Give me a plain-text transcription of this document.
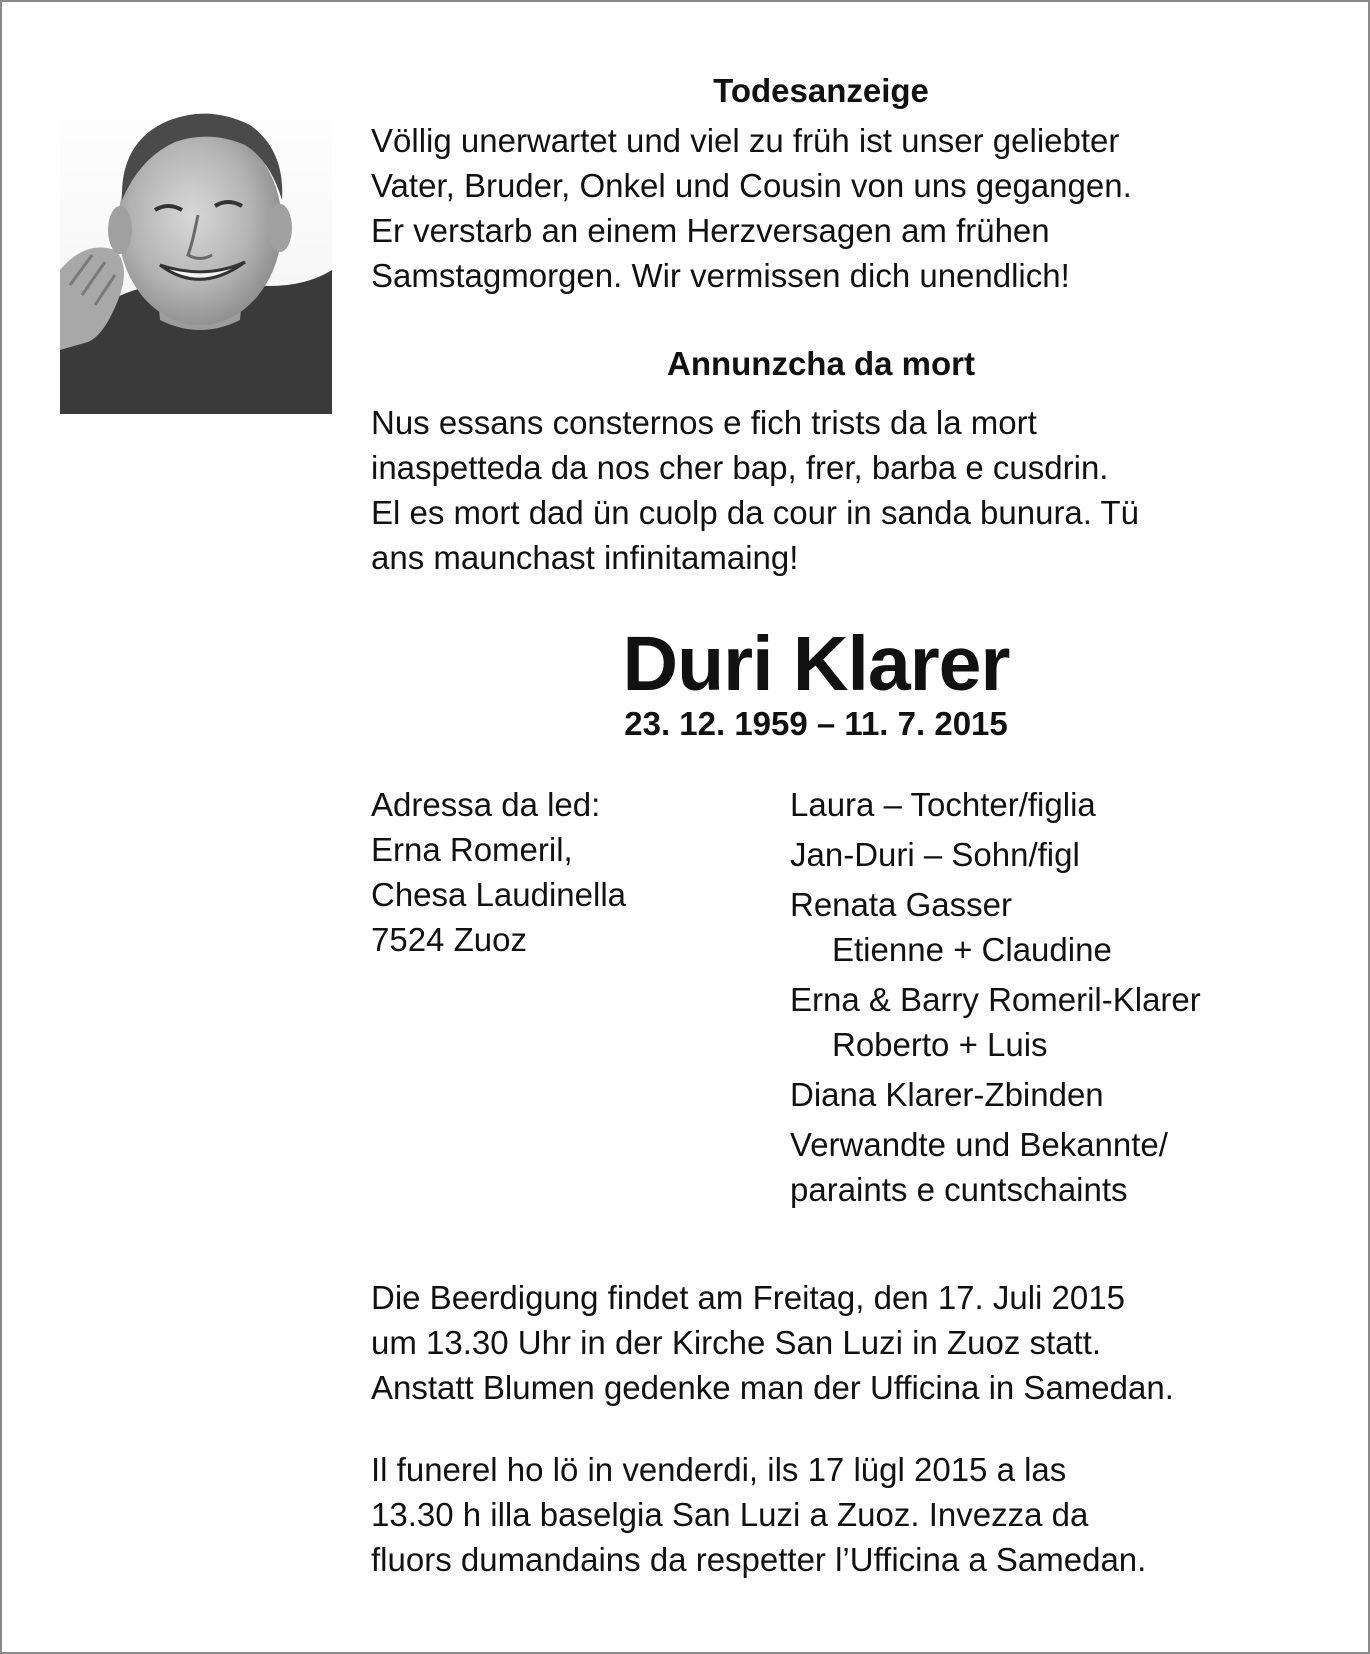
Todesanzeige
Völlig unerwartet und viel zu früh ist unser geliebter
Vater, Bruder, Onkel und Cousin von uns gegangen.
Er verstarb an einem Herzversagen am frühen
Samstagmorgen. Wir vermissen dich unendlich!
Annunzcha da mort
Nus essans consternos e fich trists da la mort
inaspetteda da nos cher bap, frer, barba e cusdrin.
El es mort dad ün cuolp da cour in sanda bunura. Tü
ans maunchast infinitamaing!
Duri Klarer
23. 12. 1959 – 11. 7. 2015
Adressa da led:
Erna Romeril,
Chesa Laudinella
7524 Zuoz
Laura – Tochter/figlia
Jan-Duri – Sohn/figl
Renata Gasser
Etienne + Claudine
Erna & Barry Romeril-Klarer
Roberto + Luis
Diana Klarer-Zbinden
Verwandte und Bekannte/
paraints e cuntschaints
Die Beerdigung findet am Freitag, den 17. Juli 2015
um 13.30 Uhr in der Kirche San Luzi in Zuoz statt.
Anstatt Blumen gedenke man der Ufficina in Samedan.
Il funerel ho lö in venderdi, ils 17 lügl 2015 a las
13.30 h illa baselgia San Luzi a Zuoz. Invezza da
fluors dumandains da respetter l’Ufficina a Samedan.
